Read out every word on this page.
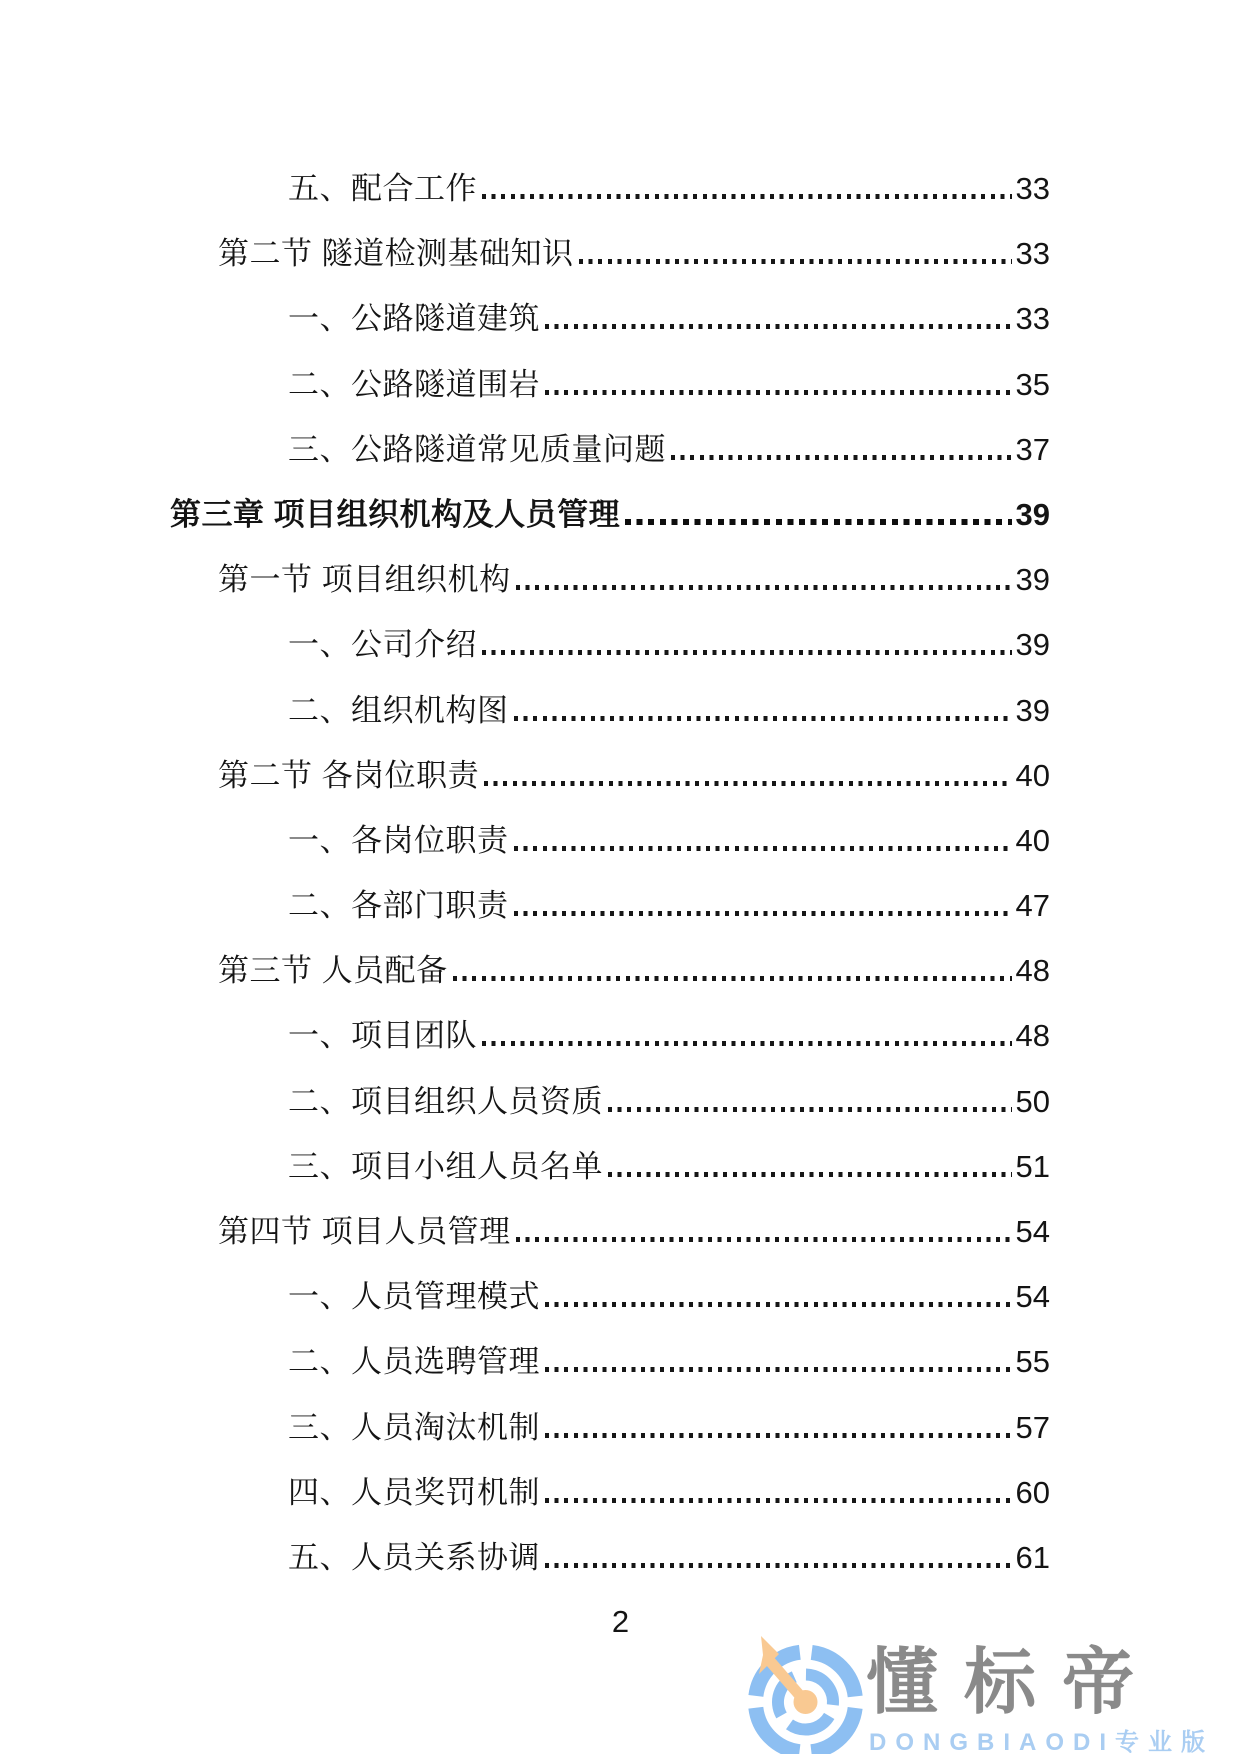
五、配合工作	33
第二节 隧道检测基础知识	33
一、公路隧道建筑	33
二、公路隧道围岩	35
三、公路隧道常见质量问题	37
第三章 项目组织机构及人员管理	39
第一节 项目组织机构	39
一、公司介绍	39
二、组织机构图	39
第二节 各岗位职责	40
一、各岗位职责	40
二、各部门职责	47
第三节 人员配备	48
一、项目团队	48
二、项目组织人员资质	50
三、项目小组人员名单	51
第四节 项目人员管理	54
一、人员管理模式	54
二、人员选聘管理	55
三、人员淘汰机制	57
四、人员奖罚机制	60
五、人员关系协调	61
2
懂标帝
DONGBIAODI专业版
